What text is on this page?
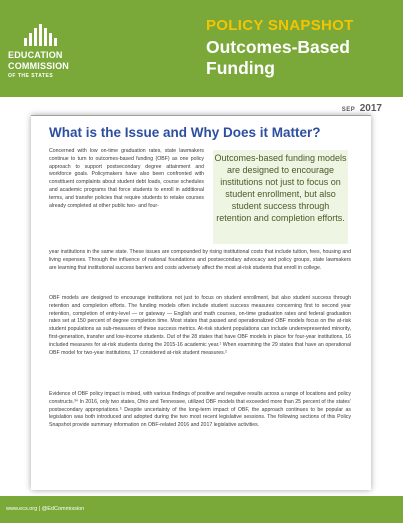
EDUCATION
COMMISSION
OF THE STATES
POLICY SNAPSHOT
Outcomes-Based Funding
SEP 2017
What is the Issue and Why Does it Matter?

Concerned with low on-time graduation rates, state lawmakers continue to turn to outcomes-based funding (OBF) as one policy approach to support postsecondary degree attainment and workforce goals. Policymakers have also been confronted with constituent complaints about student debt loads, course schedules and academic programs that force students to enroll in additional terms, and transfer policies that require students to retake courses already completed at other public two- and four-

Outcomes-based funding models are designed to encourage institutions not just to focus on student enrollment, but also student success through retention and completion efforts.

year institutions in the same state. These issues are compounded by rising institutional costs that include tuition, fees, housing and living expenses. Through the influence of national foundations and postsecondary advocacy and policy groups, state lawmakers are learning that institutional success barriers and costs adversely affect the most at-risk students that enroll in college.

OBF models are designed to encourage institutions not just to focus on student enrollment, but also student success through retention and completion efforts. The funding models often include student success measures concerning first to second year retention, completion of entry-level — or gateway — English and math courses, on-time graduation rates and federal graduation rates set at 150 percent of degree completion time. Most states that passed and operationalized OBF models focus on the at-risk student populations as sub-measures of these success metrics. At-risk student populations can include underrepresented minority, first-generation, transfer and low-income students. Out of the 28 states that have OBF models in place for four-year institutions, 16 included measures for at-risk students during the 2015-16 academic year.¹ When examining the 29 states that have an operational OBF model for two-year institutions, 17 considered at-risk student measures.²

Evidence of OBF policy impact is mixed, with various findings of positive and negative results across a range of locations and policy constructs.³⁴ In 2016, only two states, Ohio and Tennessee, utilized OBF models that exceeded more than 25 percent of the states’ postsecondary appropriations.⁵ Despite uncertainty of the long-term impact of OBF, the approach continues to be popular as legislation was both introduced and adopted during the two most recent legislative sessions. The following sections of this Policy Snapshot provide summary information on OBF-related 2016 and 2017 legislative activities.

www.ecs.org | @EdCommission
